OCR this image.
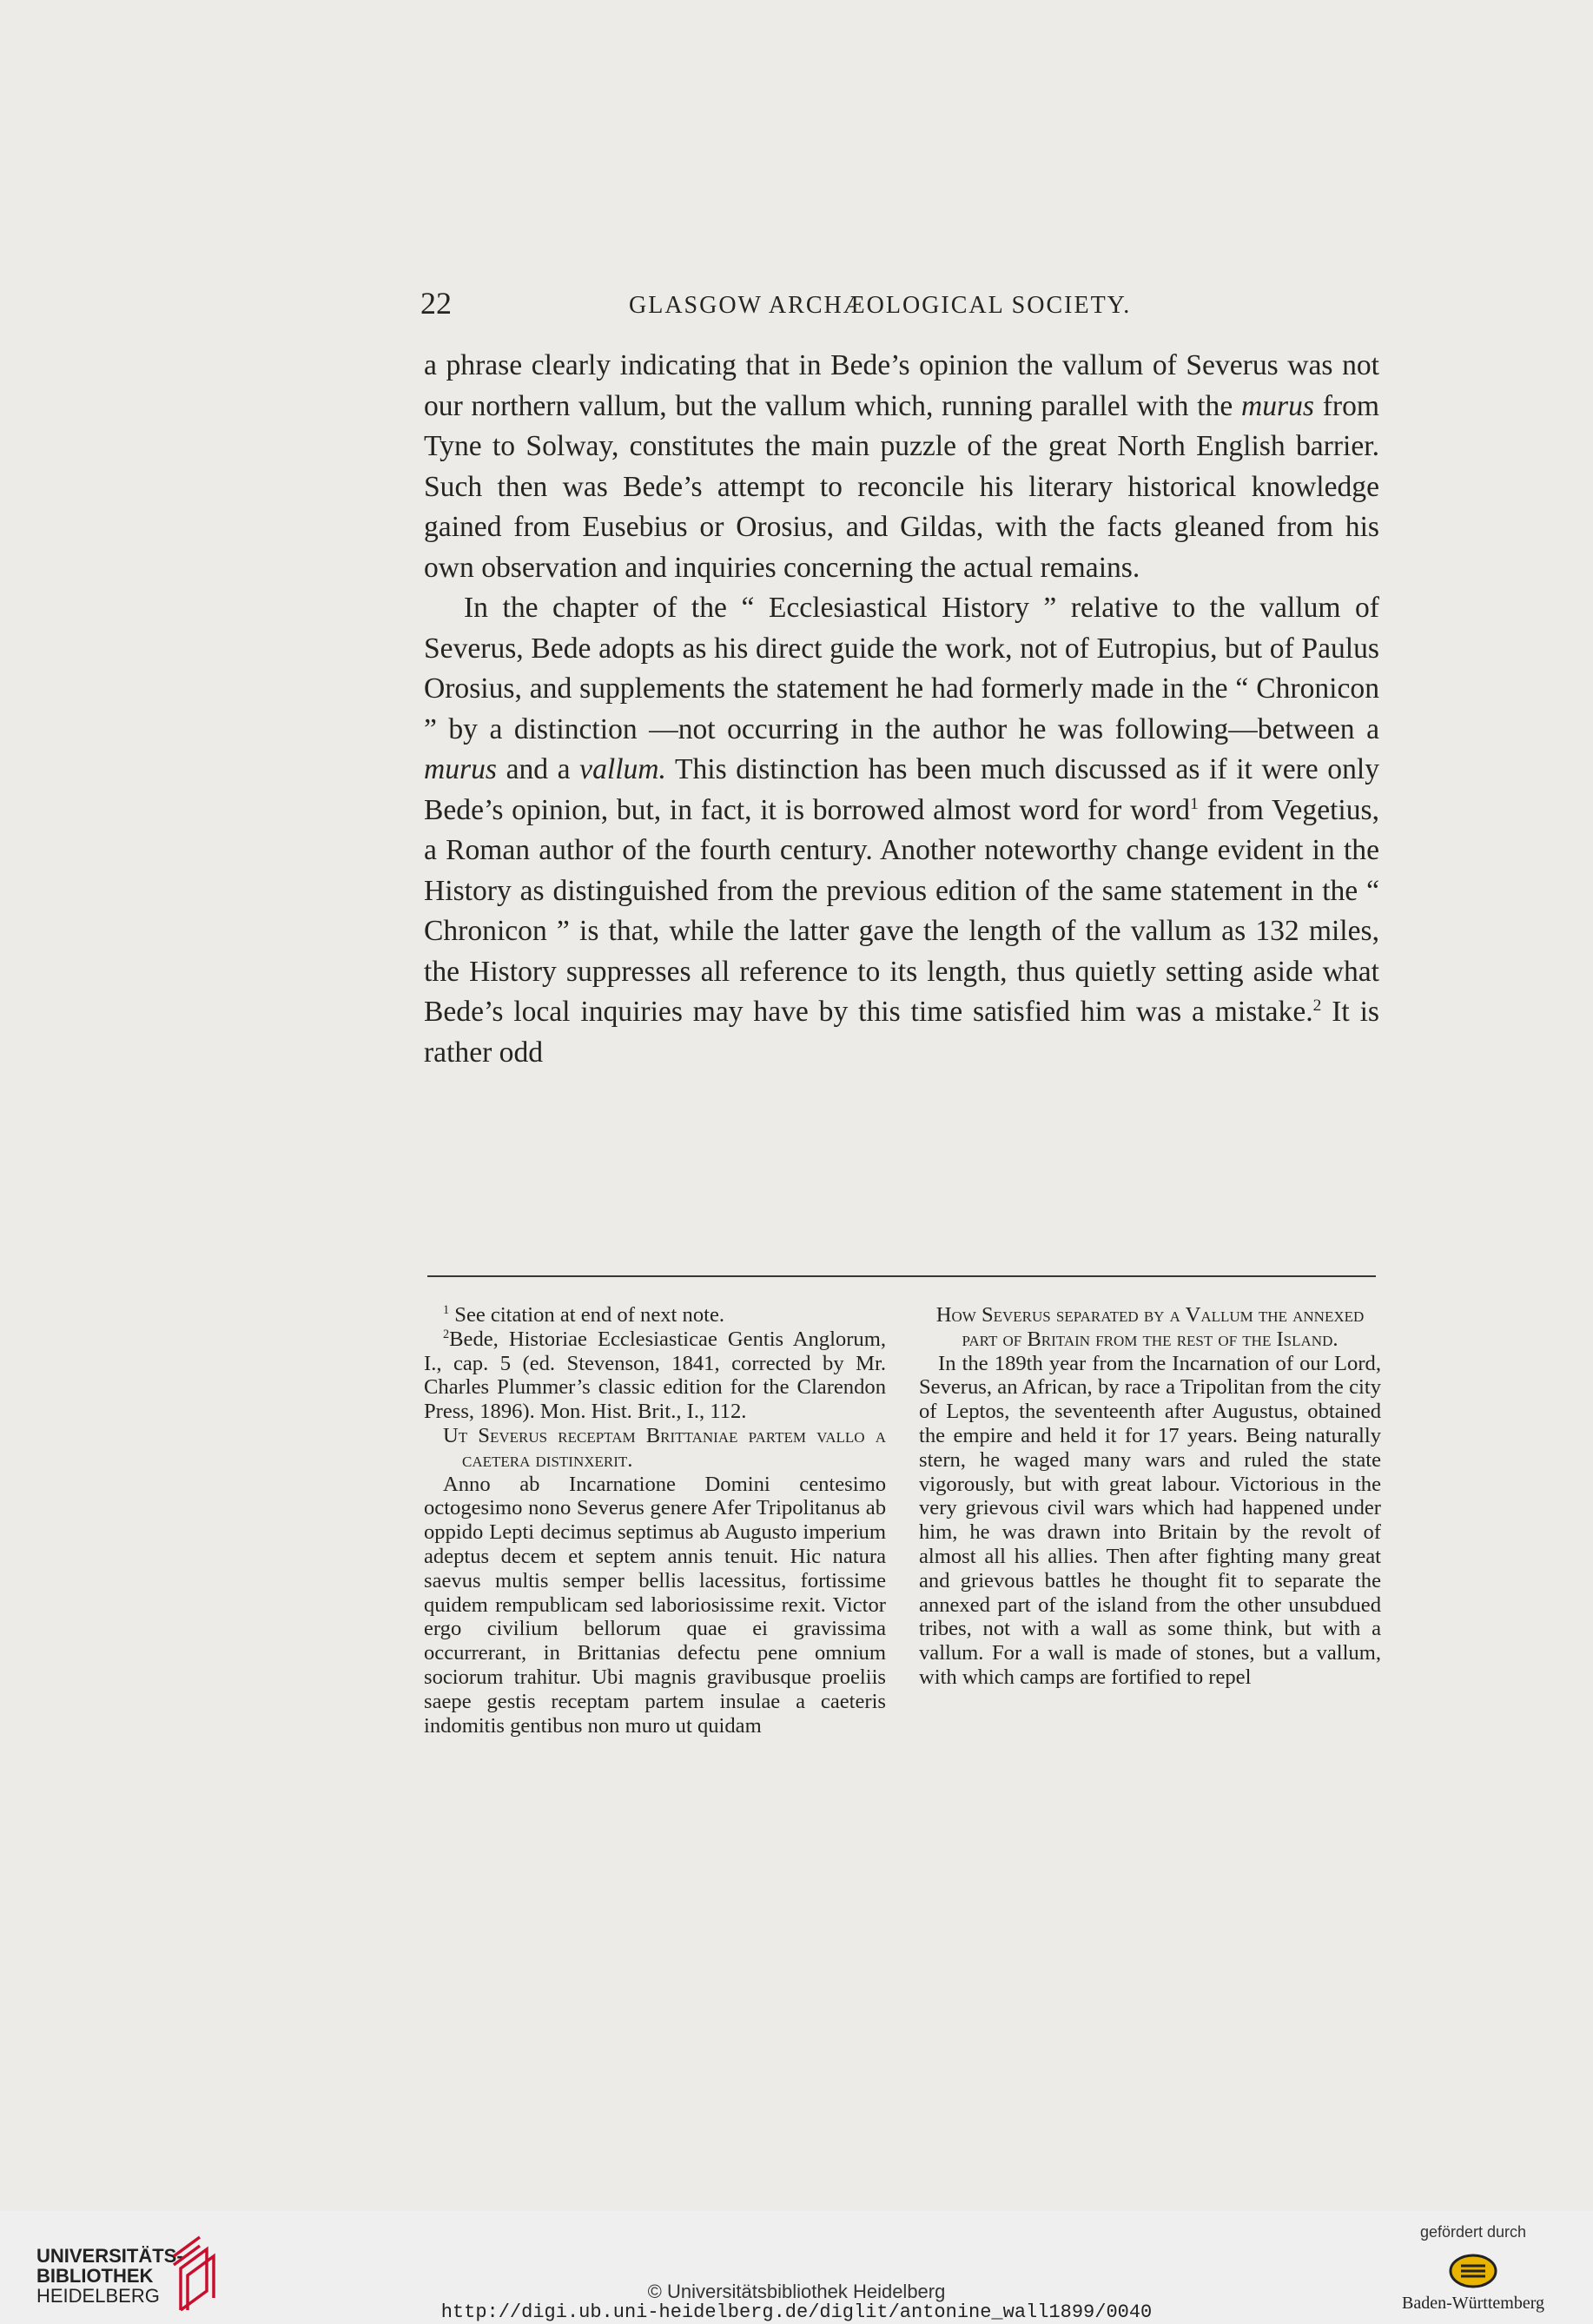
22	GLASGOW ARCHÆOLOGICAL SOCIETY.

a phrase clearly indicating that in Bede’s opinion the vallum of Severus was not our northern vallum, but the vallum which, running parallel with the murus from Tyne to Solway, constitutes the main puzzle of the great North English barrier. Such then was Bede’s attempt to reconcile his literary historical knowledge gained from Eusebius or Orosius, and Gildas, with the facts gleaned from his own observation and inquiries concerning the actual remains.

In the chapter of the “ Ecclesiastical History ” relative to the vallum of Severus, Bede adopts as his direct guide the work, not of Eutropius, but of Paulus Orosius, and supplements the statement he had formerly made in the “ Chronicon ” by a distinction —not occurring in the author he was following—between a murus and a vallum. This distinction has been much discussed as if it were only Bede’s opinion, but, in fact, it is borrowed almost word for word$^1$ from Vegetius, a Roman author of the fourth century. Another noteworthy change evident in the History as distinguished from the previous edition of the same statement in the “ Chronicon ” is that, while the latter gave the length of the vallum as 132 miles, the History suppresses all reference to its length, thus quietly setting aside what Bede’s local inquiries may have by this time satisfied him was a mistake.$^2$ It is rather odd

$^1$ See citation at end of next note.

$^2$Bede, Historiae Ecclesiasticae Gentis Anglorum, I., cap. 5 (ed. Stevenson, 1841, corrected by Mr. Charles Plummer’s classic edition for the Clarendon Press, 1896). Mon. Hist. Brit., I., 112.

Ut Severus receptam Brittaniae partem vallo a caetera distinxerit.

Anno ab Incarnatione Domini centesimo octogesimo nono Severus genere Afer Tripolitanus ab oppido Lepti decimus septimus ab Augusto imperium adeptus decem et septem annis tenuit. Hic natura saevus multis semper bellis lacessitus, fortissime quidem rempublicam sed laboriosissime rexit. Victor ergo civilium bellorum quae ei gravissima occurrerant, in Brittanias defectu pene omnium sociorum trahitur. Ubi magnis gravibusque proeliis saepe gestis receptam partem insulae a caeteris indomitis gentibus non muro ut quidam

How Severus separated by a Vallum the annexed part of Britain from the rest of the Island.

In the 189th year from the Incarnation of our Lord, Severus, an African, by race a Tripolitan from the city of Leptos, the seventeenth after Augustus, obtained the empire and held it for 17 years. Being naturally stern, he waged many wars and ruled the state vigorously, but with great labour. Victorious in the very grievous civil wars which had happened under him, he was drawn into Britain by the revolt of almost all his allies. Then after fighting many great and grievous battles he thought fit to separate the annexed part of the island from the other unsubdued tribes, not with a wall as some think, but with a vallum. For a wall is made of stones, but a vallum, with which camps are fortified to repel

UNIVERSITÄTS-
BIBLIOTHEK
HEIDELBERG	© Universitätsbibliothek Heidelberg
http://digi.ub.uni-heidelberg.de/diglit/antonine_wall1899/0040
gefördert durch
Baden-Württemberg
